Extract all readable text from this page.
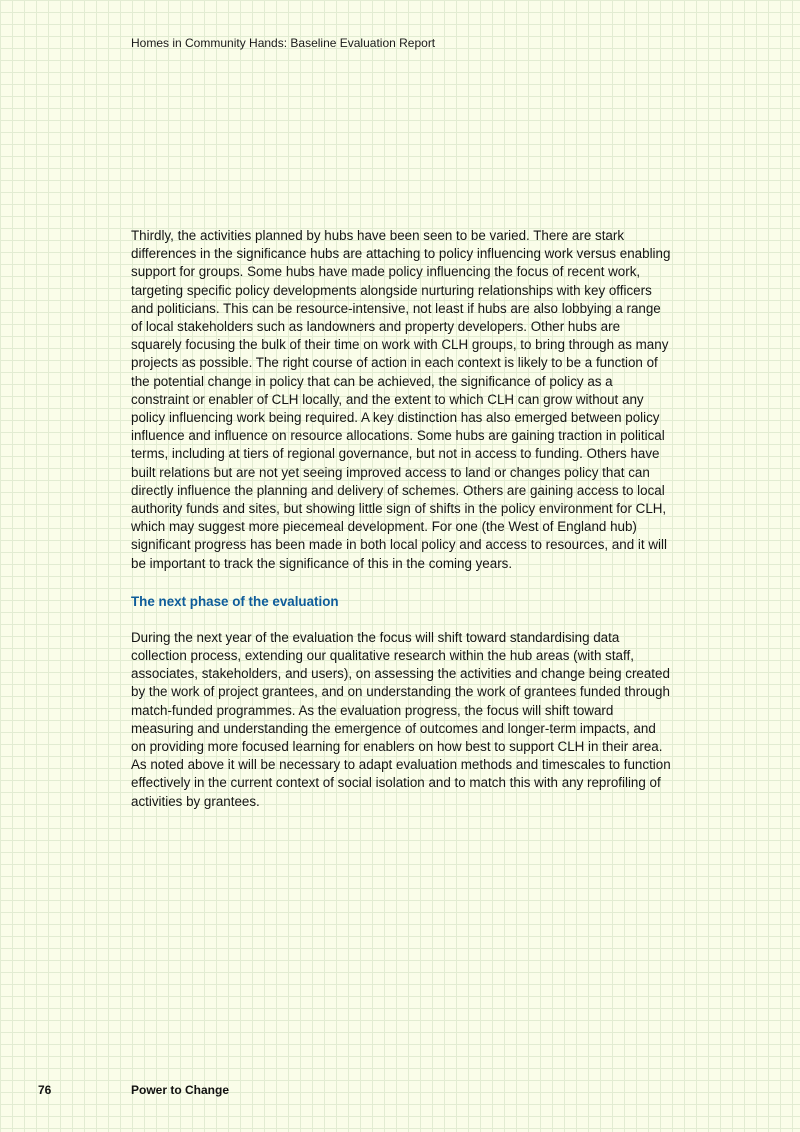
Homes in Community Hands: Baseline Evaluation Report

Thirdly, the activities planned by hubs have been seen to be varied. There are stark differences in the significance hubs are attaching to policy influencing work versus enabling support for groups. Some hubs have made policy influencing the focus of recent work, targeting specific policy developments alongside nurturing relationships with key officers and politicians. This can be resource-intensive, not least if hubs are also lobbying a range of local stakeholders such as landowners and property developers. Other hubs are squarely focusing the bulk of their time on work with CLH groups, to bring through as many projects as possible. The right course of action in each context is likely to be a function of the potential change in policy that can be achieved, the significance of policy as a constraint or enabler of CLH locally, and the extent to which CLH can grow without any policy influencing work being required. A key distinction has also emerged between policy influence and influence on resource allocations. Some hubs are gaining traction in political terms, including at tiers of regional governance, but not in access to funding. Others have built relations but are not yet seeing improved access to land or changes policy that can directly influence the planning and delivery of schemes. Others are gaining access to local authority funds and sites, but showing little sign of shifts in the policy environment for CLH, which may suggest more piecemeal development. For one (the West of England hub) significant progress has been made in both local policy and access to resources, and it will be important to track the significance of this in the coming years.

The next phase of the evaluation

During the next year of the evaluation the focus will shift toward standardising data collection process, extending our qualitative research within the hub areas (with staff, associates, stakeholders, and users), on assessing the activities and change being created by the work of project grantees, and on understanding the work of grantees funded through match-funded programmes. As the evaluation progress, the focus will shift toward measuring and understanding the emergence of outcomes and longer-term impacts, and on providing more focused learning for enablers on how best to support CLH in their area. As noted above it will be necessary to adapt evaluation methods and timescales to function effectively in the current context of social isolation and to match this with any reprofiling of activities by grantees.

76	Power to Change
